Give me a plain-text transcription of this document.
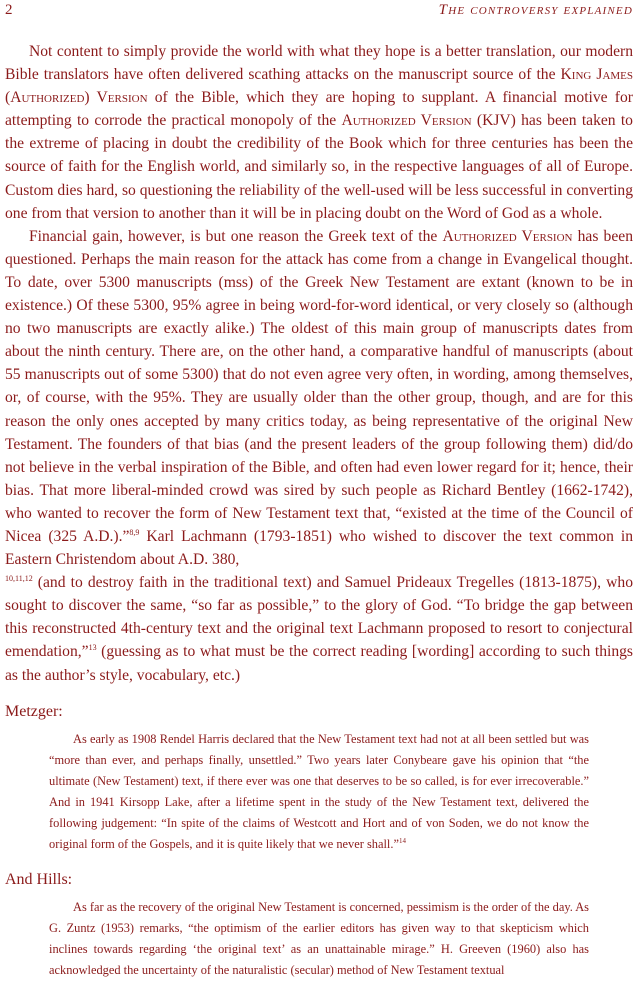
2	The controversy explained

Not content to simply provide the world with what they hope is a better translation, our modern Bible translators have often delivered scathing attacks on the manuscript source of the King James (Authorized) Version of the Bible, which they are hoping to supplant. A financial motive for attempting to corrode the practical monopoly of the Authorized Version (KJV) has been taken to the extreme of placing in doubt the credibility of the Book which for three centuries has been the source of faith for the English world, and similarly so, in the respective languages of all of Europe. Custom dies hard, so questioning the reliability of the well-used will be less successful in converting one from that version to another than it will be in placing doubt on the Word of God as a whole.

Financial gain, however, is but one reason the Greek text of the Authorized Version has been questioned. Perhaps the main reason for the attack has come from a change in Evangelical thought. To date, over 5300 manuscripts (mss) of the Greek New Testament are extant (known to be in existence.) Of these 5300, 95% agree in being word-for-word identical, or very closely so (although no two manuscripts are exactly alike.) The oldest of this main group of manuscripts dates from about the ninth century. There are, on the other hand, a comparative handful of manuscripts (about 55 manuscripts out of some 5300) that do not even agree very often, in wording, among themselves, or, of course, with the 95%. They are usually older than the other group, though, and are for this reason the only ones accepted by many critics today, as being representative of the original New Testament. The founders of that bias (and the present leaders of the group following them) did/do not believe in the verbal inspiration of the Bible, and often had even lower regard for it; hence, their bias. That more liberal-minded crowd was sired by such people as Richard Bentley (1662-1742), who wanted to recover the form of New Testament text that, “existed at the time of the Council of Nicea (325 A.D.).”$^{8,9}$ Karl Lachmann (1793-1851) who wished to discover the text common in Eastern Christendom about A.D. 380,
$^{10,11,12}$ (and to destroy faith in the traditional text) and Samuel Prideaux Tregelles (1813-1875), who sought to discover the same, “so far as possible,” to the glory of God. “To bridge the gap between this reconstructed 4th-century text and the original text Lachmann proposed to resort to conjectural emendation,”$^{13}$ (guessing as to what must be the correct reading [wording] according to such things as the author’s style, vocabulary, etc.)

Metzger:

As early as 1908 Rendel Harris declared that the New Testament text had not at all been settled but was “more than ever, and perhaps finally, unsettled.” Two years later Conybeare gave his opinion that “the ultimate (New Testament) text, if there ever was one that deserves to be so called, is for ever irrecoverable.” And in 1941 Kirsopp Lake, after a lifetime spent in the study of the New Testament text, delivered the following judgement: “In spite of the claims of Westcott and Hort and of von Soden, we do not know the original form of the Gospels, and it is quite likely that we never shall.”$^{14}$

And Hills:

As far as the recovery of the original New Testament is concerned, pessimism is the order of the day. As G. Zuntz (1953) remarks, “the optimism of the earlier editors has given way to that skepticism which inclines towards regarding ‘the original text’ as an unattainable mirage.” H. Greeven (1960) also has acknowledged the uncertainty of the naturalistic (secular) method of New Testament textual
